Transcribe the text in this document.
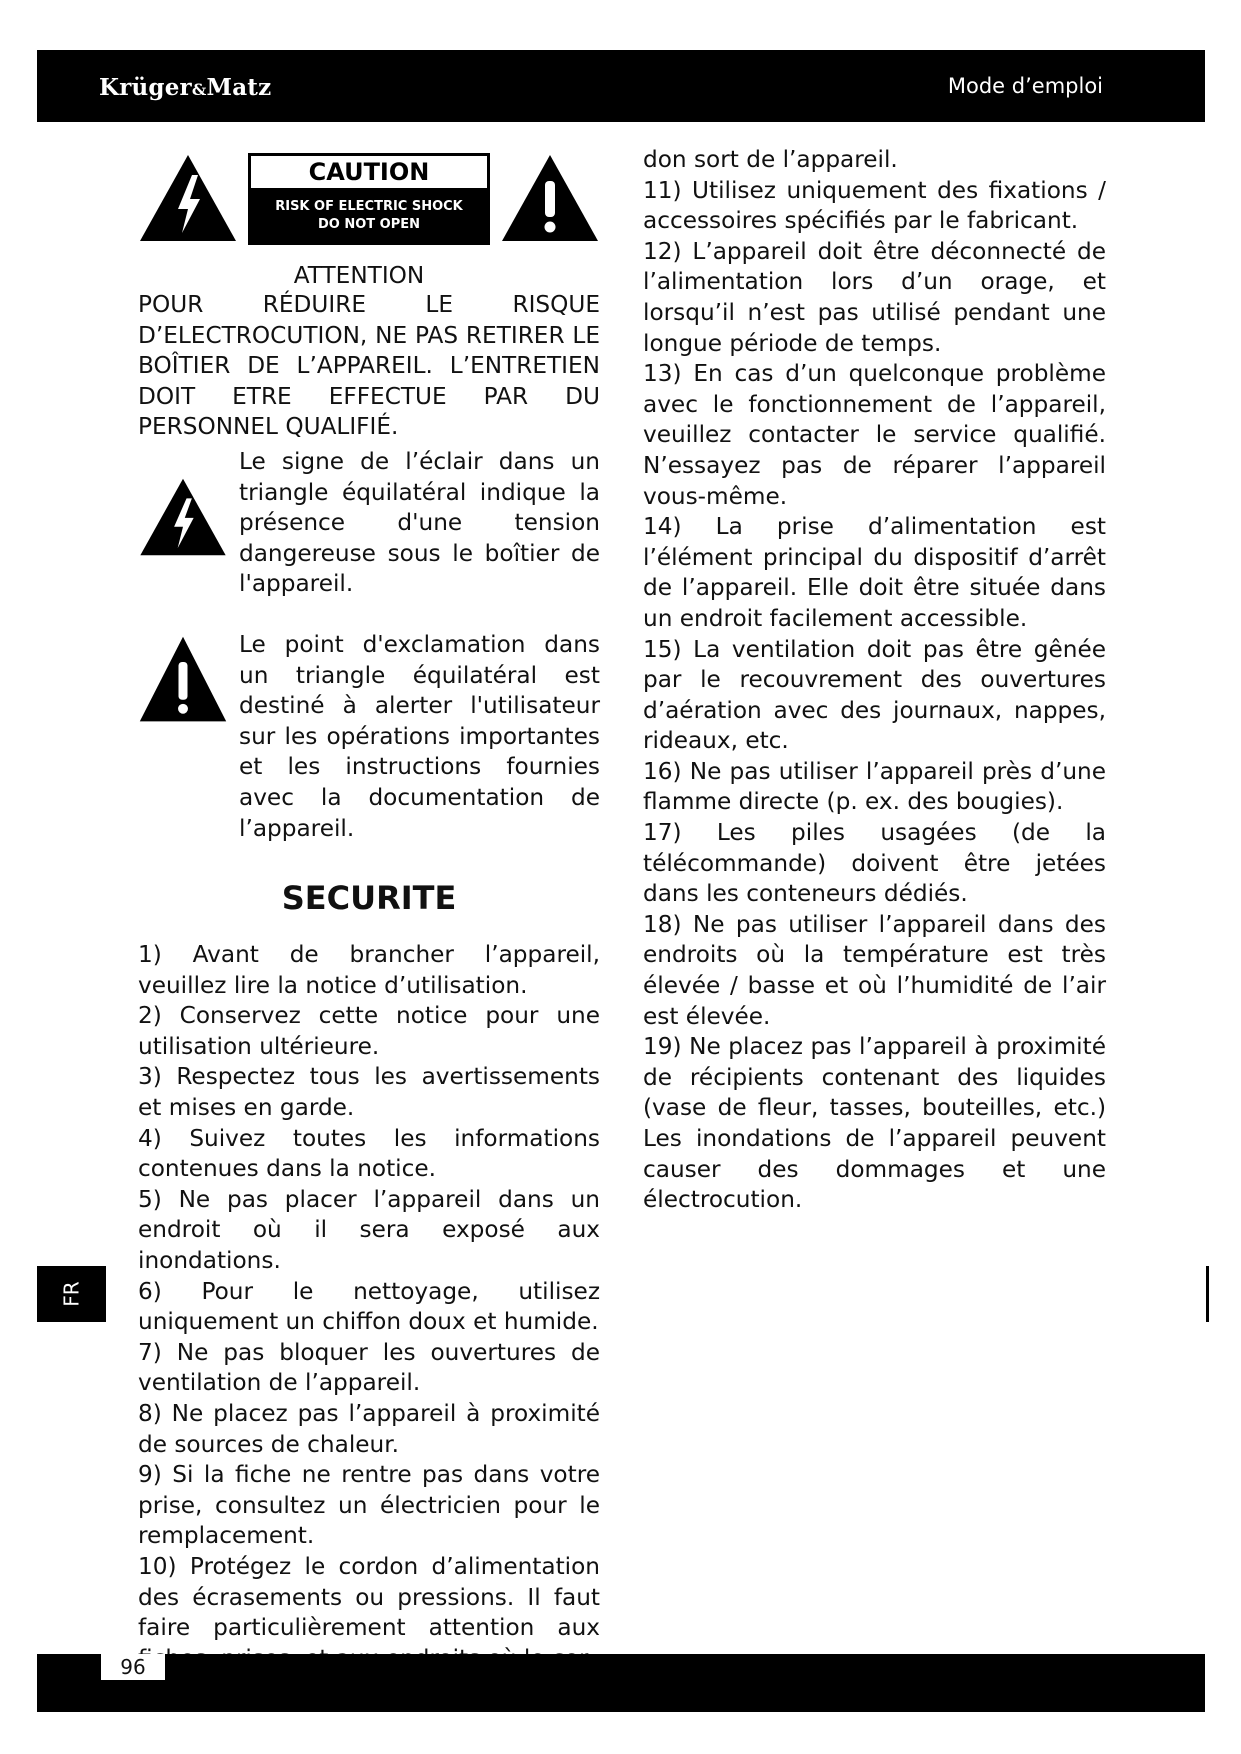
Krüger&Matz	Mode d’emploi
FR
CAUTION
RISK OF ELECTRIC SHOCK
DO NOT OPEN
ATTENTION
POUR RÉDUIRE LE RISQUE
D’ELECTROCUTION, NE PAS RETIRER LE
BOÎTIER DE L’APPAREIL. L’ENTRETIEN
DOIT ETRE EFFECTUE PAR DU
PERSONNEL QUALIFIÉ.

Le signe de l’éclair dans un triangle équilatéral indique la présence d'une tension dangereuse sous le boîtier de l'appareil.

Le point d'exclamation dans un triangle équilatéral est destiné à alerter l'utilisateur sur les opérations importantes et les instructions fournies avec la documentation de l’appareil.

SECURITE

1) Avant de brancher l’appareil, veuillez lire la notice d’utilisation.

2) Conservez cette notice pour une utilisation ultérieure.

3) Respectez tous les avertissements et mises en garde.

4) Suivez toutes les informations contenues dans la notice.

5) Ne pas placer l’appareil dans un endroit où il sera exposé aux inondations.

6) Pour le nettoyage, utilisez uniquement un chiffon doux et humide.

7) Ne pas bloquer les ouvertures de ventilation de l’appareil.

8) Ne placez pas l’appareil à proximité de sources de chaleur.

9) Si la fiche ne rentre pas dans votre prise, consultez un électricien pour le remplacement.

10) Protégez le cordon d’alimentation des écrasements ou pressions. Il faut faire particulièrement attention aux

don sort de l’appareil.

11) Utilisez uniquement des fixations / accessoires spécifiés par le fabricant.

12) L’appareil doit être déconnecté de l’alimentation lors d’un orage, et lorsqu’il n’est pas utilisé pendant une longue période de temps.

13) En cas d’un quelconque problème avec le fonctionnement de l’appareil, veuillez contacter le service qualifié. N’essayez pas de réparer l’appareil vous-même.

14) La prise d’alimentation est l’élément principal du dispositif d’arrêt de l’appareil. Elle doit être située dans un endroit facilement accessible.

15) La ventilation doit pas être gênée par le recouvrement des ouvertures d’aération avec des journaux, nappes, rideaux, etc.

16) Ne pas utiliser l’appareil près d’une flamme directe (p. ex. des bougies).

17) Les piles usagées (de la télécommande) doivent être jetées dans les conteneurs dédiés.

18) Ne pas utiliser l’appareil dans des endroits où la température est très élevée / basse et où l’humidité de l’air est élevée.

19) Ne placez pas l’appareil à proximité de récipients contenant des liquides (vase de fleur, tasses, bouteilles, etc.) Les inondations de l’appareil peuvent causer des dommages et une électrocution.

96
